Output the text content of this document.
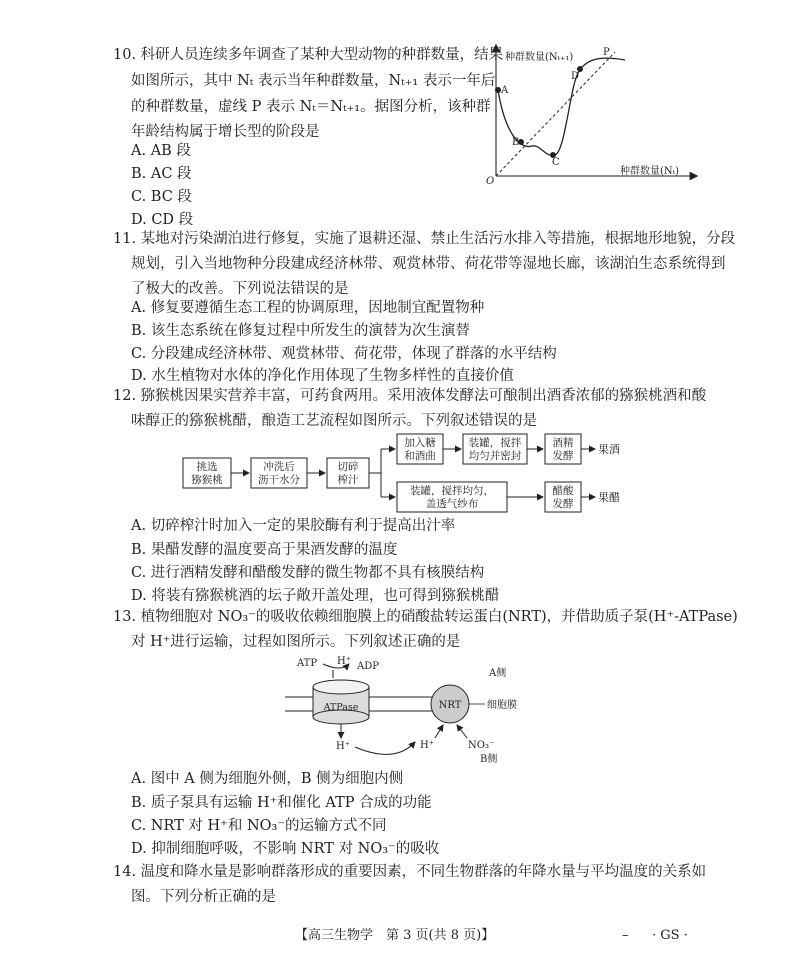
10. 科研人员连续多年调查了某种大型动物的种群数量，结果
如图所示，其中 Nₜ 表示当年种群数量，Nₜ₊₁ 表示一年后
的种群数量，虚线 P 表示 Nₜ＝Nₜ₊₁。据图分析，该种群
年龄结构属于增长型的阶段是
A. AB 段
B. AC 段
C. BC 段
D. CD 段
种群数量(Nₜ₊₁)
种群数量(Nₜ)
O
A
B
C
D
P
11. 某地对污染湖泊进行修复，实施了退耕还湿、禁止生活污水排入等措施，根据地形地貌，分段
规划，引入当地物种分段建成经济林带、观赏林带、荷花带等湿地长廊，该湖泊生态系统得到
了极大的改善。下列说法错误的是
A. 修复要遵循生态工程的协调原理，因地制宜配置物种
B. 该生态系统在修复过程中所发生的演替为次生演替
C. 分段建成经济林带、观赏林带、荷花带，体现了群落的水平结构
D. 水生植物对水体的净化作用体现了生物多样性的直接价值
12. 猕猴桃因果实营养丰富，可药食两用。采用液体发酵法可酿制出酒香浓郁的猕猴桃酒和酸
味醇正的猕猴桃醋，酿造工艺流程如图所示。下列叙述错误的是
挑选
猕猴桃
冲洗后
沥干水分
切碎
榨汁
加入糖
和酒曲
装罐，搅拌
均匀并密封
酒精
发酵
装罐，搅拌均匀，
盖透气纱布
醋酸
发酵
果酒
果醋
A. 切碎榨汁时加入一定的果胶酶有利于提高出汁率
B. 果醋发酵的温度要高于果酒发酵的温度
C. 进行酒精发酵和醋酸发酵的微生物都不具有核膜结构
D. 将装有猕猴桃酒的坛子敞开盖处理，也可得到猕猴桃醋
13. 植物细胞对 NO₃⁻的吸收依赖细胞膜上的硝酸盐转运蛋白(NRT)，并借助质子泵(H⁺-ATPase)
对 H⁺进行运输，过程如图所示。下列叙述正确的是
ATP H⁺ ADP
A侧
ATPase	NRT	细胞膜
H⁺	H⁺	NO₃⁻
B侧
A. 图中 A 侧为细胞外侧，B 侧为细胞内侧
B. 质子泵具有运输 H⁺和催化 ATP 合成的功能
C. NRT 对 H⁺和 NO₃⁻的运输方式不同
D. 抑制细胞呼吸，不影响 NRT 对 NO₃⁻的吸收
14. 温度和降水量是影响群落形成的重要因素，不同生物群落的年降水量与平均温度的关系如
图。下列分析正确的是
【高三生物学　第 3 页(共 8 页)】	– · GS ·
